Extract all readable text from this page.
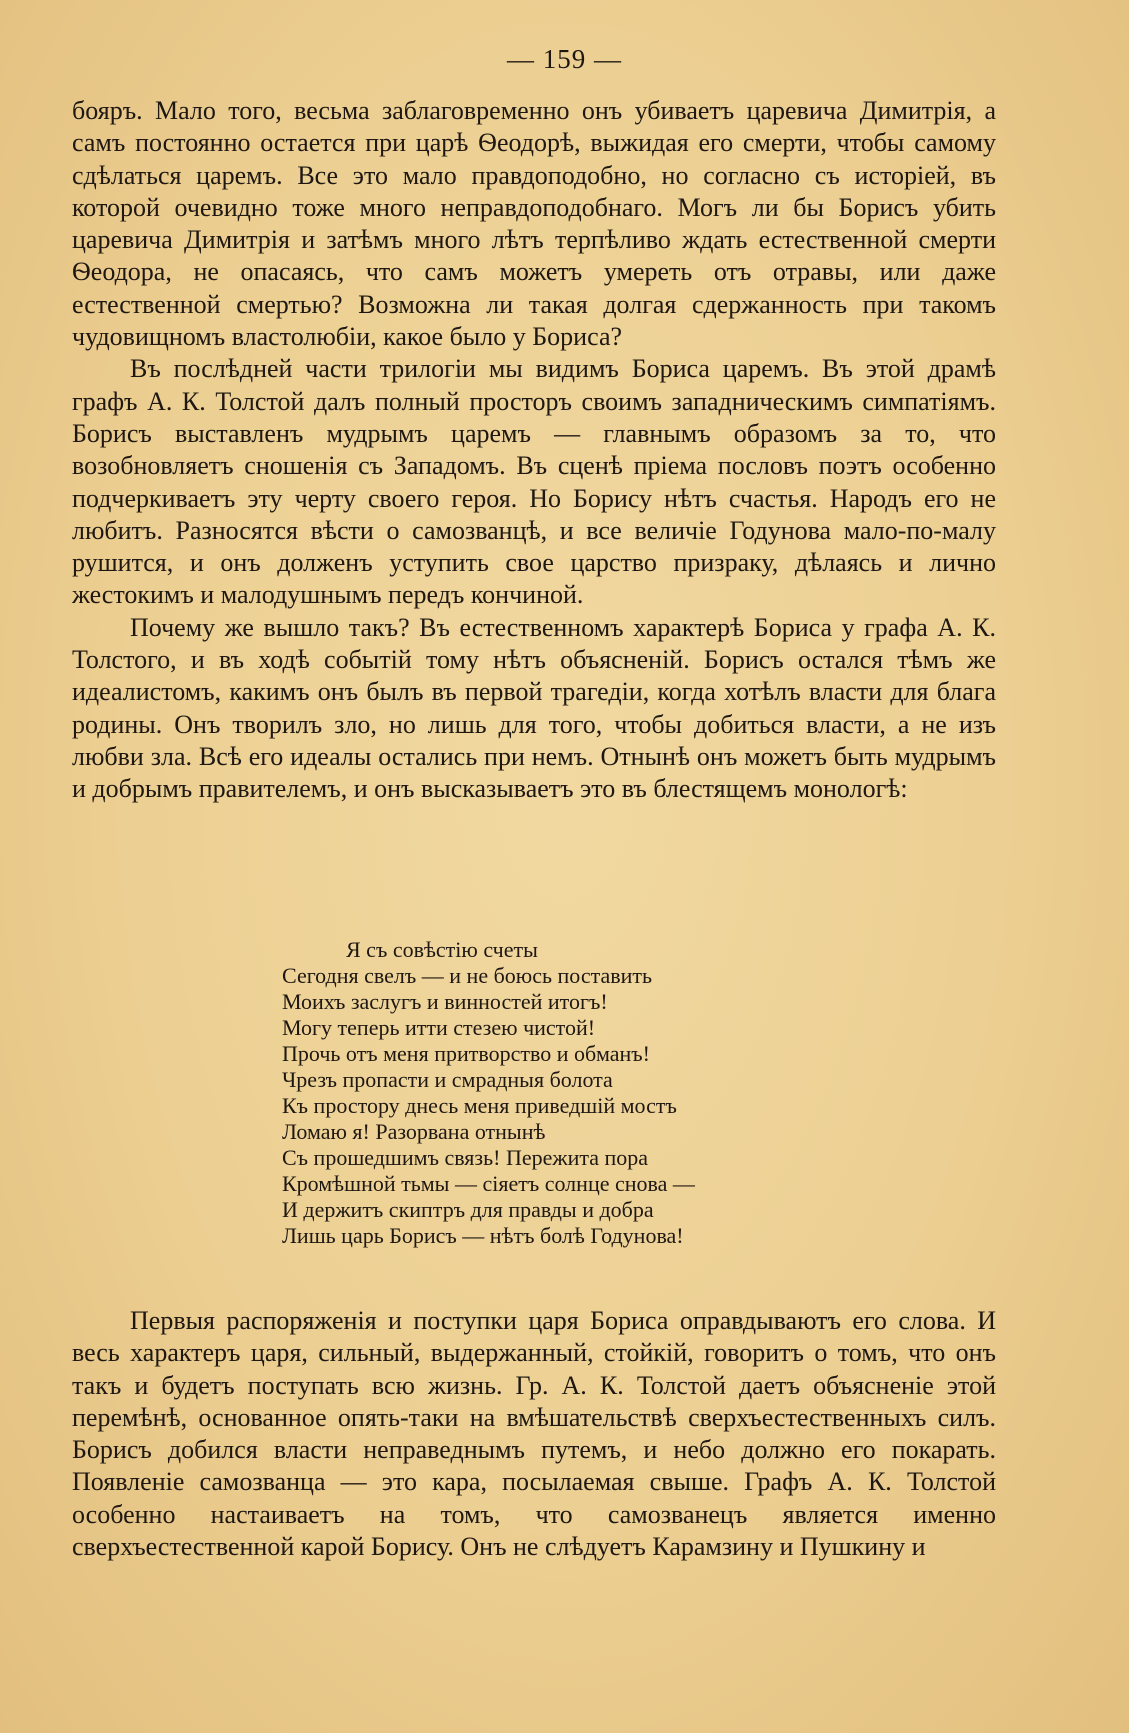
— 159 —

бояръ. Мало того, весьма заблаговременно онъ убиваетъ царевича Димитрія, а самъ постоянно остается при царѣ Ѳеодорѣ, выжидая его смерти, чтобы самому сдѣлаться царемъ. Все это мало правдоподобно, но согласно съ исторіей, въ которой очевидно тоже много неправдоподобнаго. Могъ ли бы Борисъ убить царевича Димитрія и затѣмъ много лѣтъ терпѣливо ждать естественной смерти Ѳеодора, не опасаясь, что самъ можетъ умереть отъ отравы, или даже естественной смертью? Возможна ли такая долгая сдержанность при такомъ чудовищномъ властолюбіи, какое было у Бориса?

Въ послѣдней части трилогіи мы видимъ Бориса царемъ. Въ этой драмѣ графъ А. К. Толстой далъ полный просторъ своимъ западническимъ симпатіямъ. Борисъ выставленъ мудрымъ царемъ — главнымъ образомъ за то, что возобновляетъ сношенія съ Западомъ. Въ сценѣ пріема пословъ поэтъ особенно подчеркиваетъ эту черту своего героя. Но Борису нѣтъ счастья. Народъ его не любитъ. Разносятся вѣсти о самозванцѣ, и все величіе Годунова мало-по-малу рушится, и онъ долженъ уступить свое царство призраку, дѣлаясь и лично жестокимъ и малодушнымъ передъ кончиной.

Почему же вышло такъ? Въ естественномъ характерѣ Бориса у графа А. К. Толстого, и въ ходѣ событій тому нѣтъ объясненій. Борисъ остался тѣмъ же идеалистомъ, какимъ онъ былъ въ первой трагедіи, когда хотѣлъ власти для блага родины. Онъ творилъ зло, но лишь для того, чтобы добиться власти, а не изъ любви зла. Всѣ его идеалы остались при немъ. Отнынѣ онъ можетъ быть мудрымъ и добрымъ правителемъ, и онъ высказываетъ это въ блестящемъ монологѣ:

Я съ совѣстію счеты
Сегодня свелъ — и не боюсь поставить
Моихъ заслугъ и винностей итогъ!
Могу теперь итти стезею чистой!
Прочь отъ меня притворство и обманъ!
Чрезъ пропасти и смрадныя болота
Къ простору днесь меня приведшій мостъ
Ломаю я! Разорвана отнынѣ
Съ прошедшимъ связь! Пережита пора
Кромѣшной тьмы — сіяетъ солнце снова —
И держитъ скиптръ для правды и добра
Лишь царь Борисъ — нѣтъ болѣ Годунова!

Первыя распоряженія и поступки царя Бориса оправдываютъ его слова. И весь характеръ царя, сильный, выдержанный, стойкій, говоритъ о томъ, что онъ такъ и будетъ поступать всю жизнь. Гр. А. К. Толстой даетъ объясненіе этой перемѣнѣ, основанное опять-таки на вмѣшательствѣ сверхъестественныхъ силъ. Борисъ добился власти неправеднымъ путемъ, и небо должно его покарать. Появленіе самозванца — это кара, посылаемая свыше. Графъ А. К. Толстой особенно настаиваетъ на томъ, что самозванецъ является именно сверхъестественной карой Борису. Онъ не слѣдуетъ Карамзину и Пушкину и
